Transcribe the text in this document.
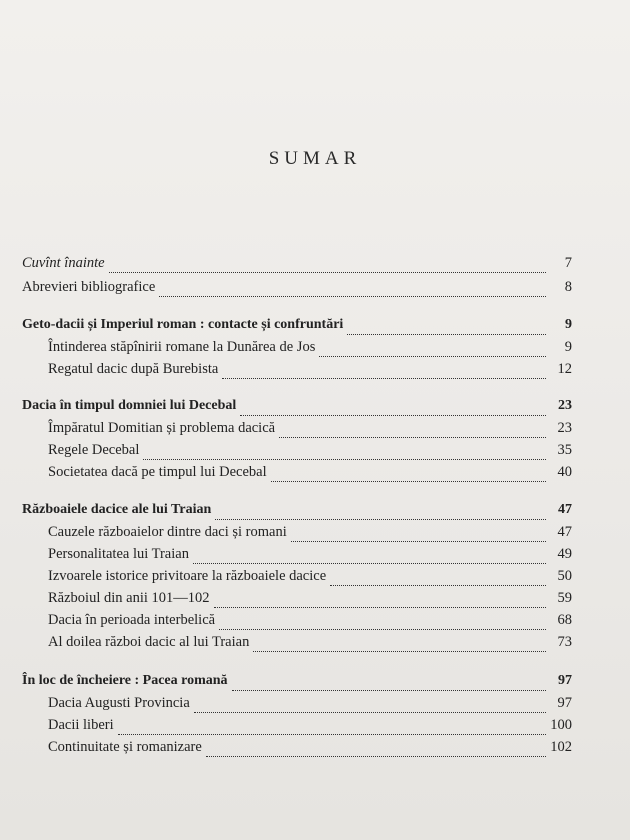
SUMAR
Cuvînt înainte	7
Abrevieri bibliografice	8
Geto-dacii și Imperiul roman : contacte și confruntări	9
Întinderea stăpînirii romane la Dunărea de Jos	9
Regatul dacic după Burebista	12
Dacia în timpul domniei lui Decebal	23
Împăratul Domitian și problema dacică	23
Regele Decebal	35
Societatea dacă pe timpul lui Decebal	40
Războaiele dacice ale lui Traian	47
Cauzele războaielor dintre daci și romani	47
Personalitatea lui Traian	49
Izvoarele istorice privitoare la războaiele dacice	50
Războiul din anii 101—102	59
Dacia în perioada interbelică	68
Al doilea război dacic al lui Traian	73
În loc de încheiere : Pacea romană	97
Dacia Augusti Provincia	97
Dacii liberi	100
Continuitate și romanizare	102
